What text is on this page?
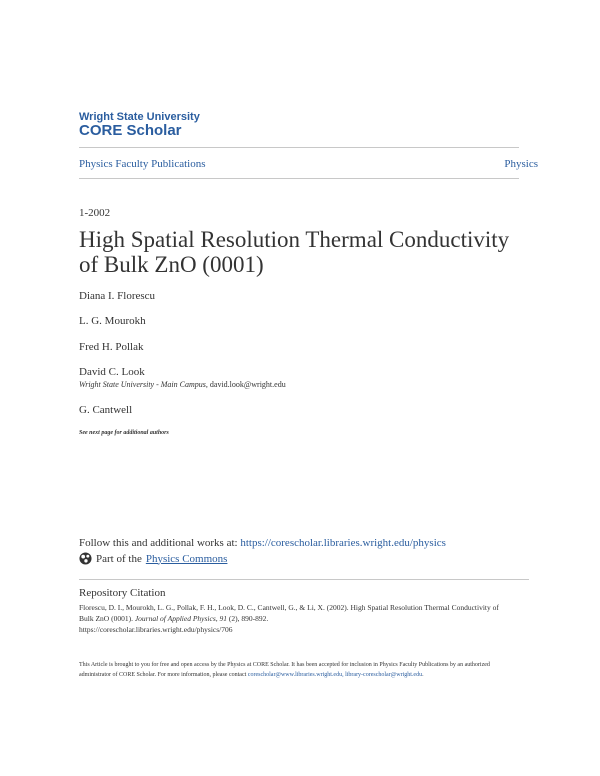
Wright State University
CORE Scholar
Physics Faculty Publications	Physics
1-2002
High Spatial Resolution Thermal Conductivity of Bulk ZnO (0001)
Diana I. Florescu
L. G. Mourokh
Fred H. Pollak
David C. Look
Wright State University - Main Campus, david.look@wright.edu
G. Cantwell
See next page for additional authors
Follow this and additional works at: https://corescholar.libraries.wright.edu/physics
Part of the Physics Commons
Repository Citation
Florescu, D. I., Mourokh, L. G., Pollak, F. H., Look, D. C., Cantwell, G., & Li, X. (2002). High Spatial Resolution Thermal Conductivity of Bulk ZnO (0001). Journal of Applied Physics, 91 (2), 890-892.
https://corescholar.libraries.wright.edu/physics/706
This Article is brought to you for free and open access by the Physics at CORE Scholar. It has been accepted for inclusion in Physics Faculty Publications by an authorized administrator of CORE Scholar. For more information, please contact corescholar@www.libraries.wright.edu, library-corescholar@wright.edu.
